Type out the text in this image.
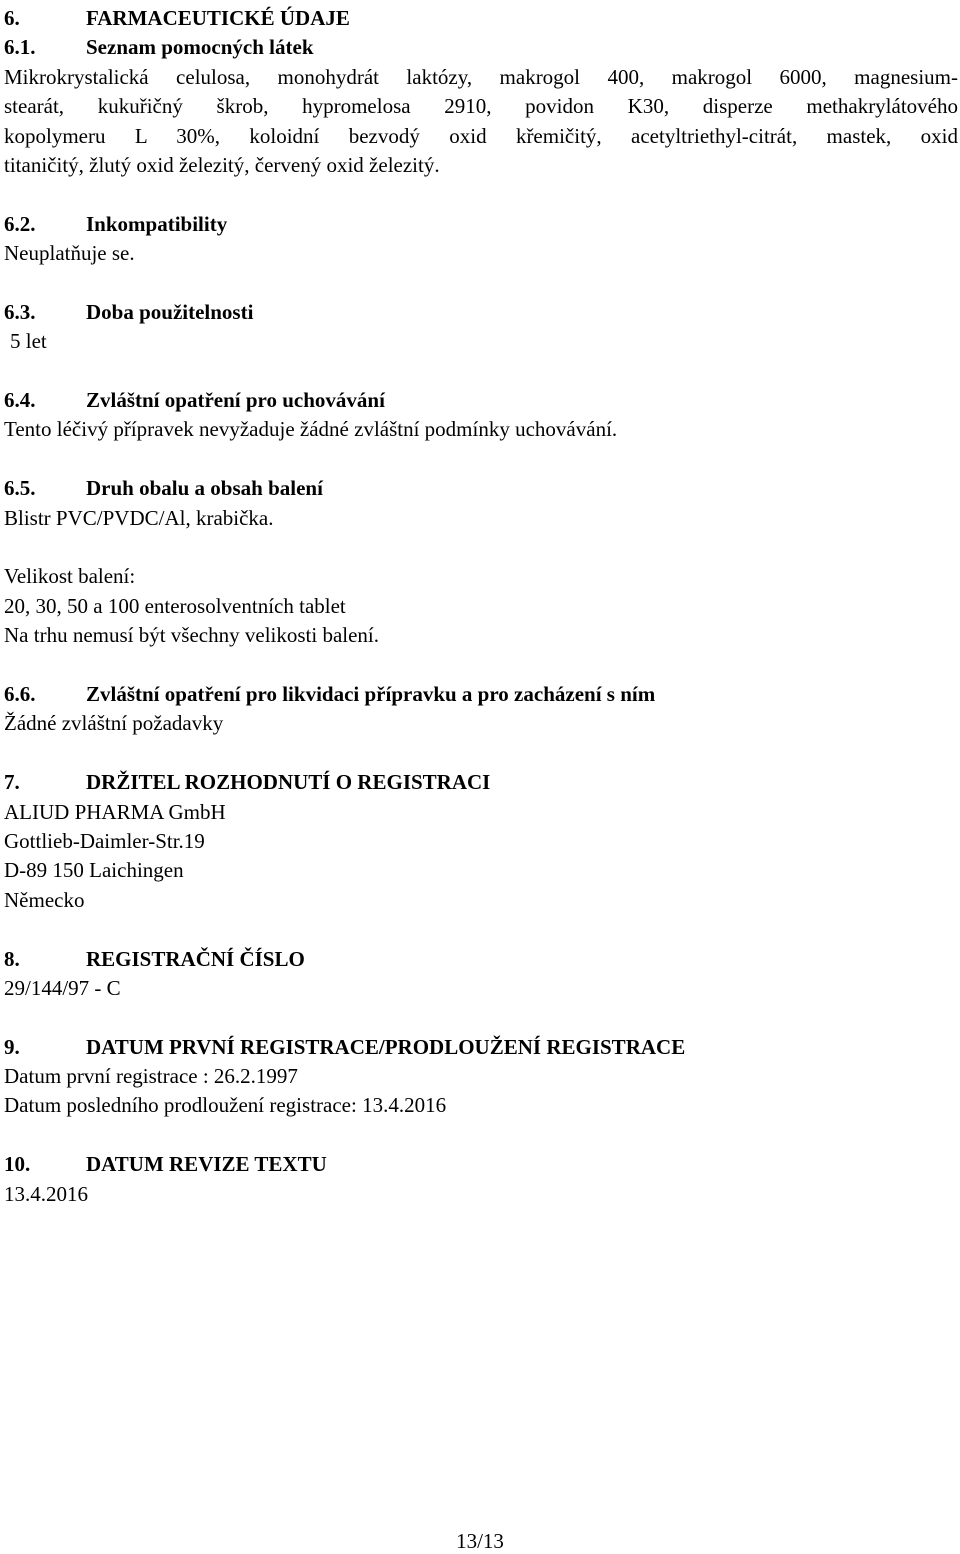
6.	FARMACEUTICKÉ ÚDAJE
6.1. Seznam pomocných látek
Mikrokrystalická celulosa, monohydrát laktózy, makrogol 400, makrogol 6000, magnesium-
stearát, kukuřičný škrob, hypromelosa 2910, povidon K30, disperze methakrylátového
kopolymeru L 30%, koloidní bezvodý oxid křemičitý, acetyltriethyl-citrát, mastek, oxid
titaničitý, žlutý oxid železitý, červený oxid železitý.
6.2. Inkompatibility
Neuplatňuje se.
6.3. Doba použitelnosti
5 let
6.4. Zvláštní opatření pro uchovávání
Tento léčivý přípravek nevyžaduje žádné zvláštní podmínky uchovávání.
6.5. Druh obalu a obsah balení
Blistr PVC/PVDC/Al, krabička.
Velikost balení:
20, 30, 50 a 100 enterosolventních tablet
Na trhu nemusí být všechny velikosti balení.
6.6. Zvláštní opatření pro likvidaci přípravku a pro zacházení s ním
Žádné zvláštní požadavky
7.	DRŽITEL ROZHODNUTÍ O REGISTRACI
ALIUD PHARMA GmbH
Gottlieb-Daimler-Str.19
D-89 150 Laichingen
Německo
8.	REGISTRAČNÍ ČÍSLO
29/144/97 - C
9.	DATUM PRVNÍ REGISTRACE/PRODLOUŽENÍ REGISTRACE
Datum první registrace : 26.2.1997
Datum posledního prodloužení registrace: 13.4.2016
10.	DATUM REVIZE TEXTU
13.4.2016
13/13
